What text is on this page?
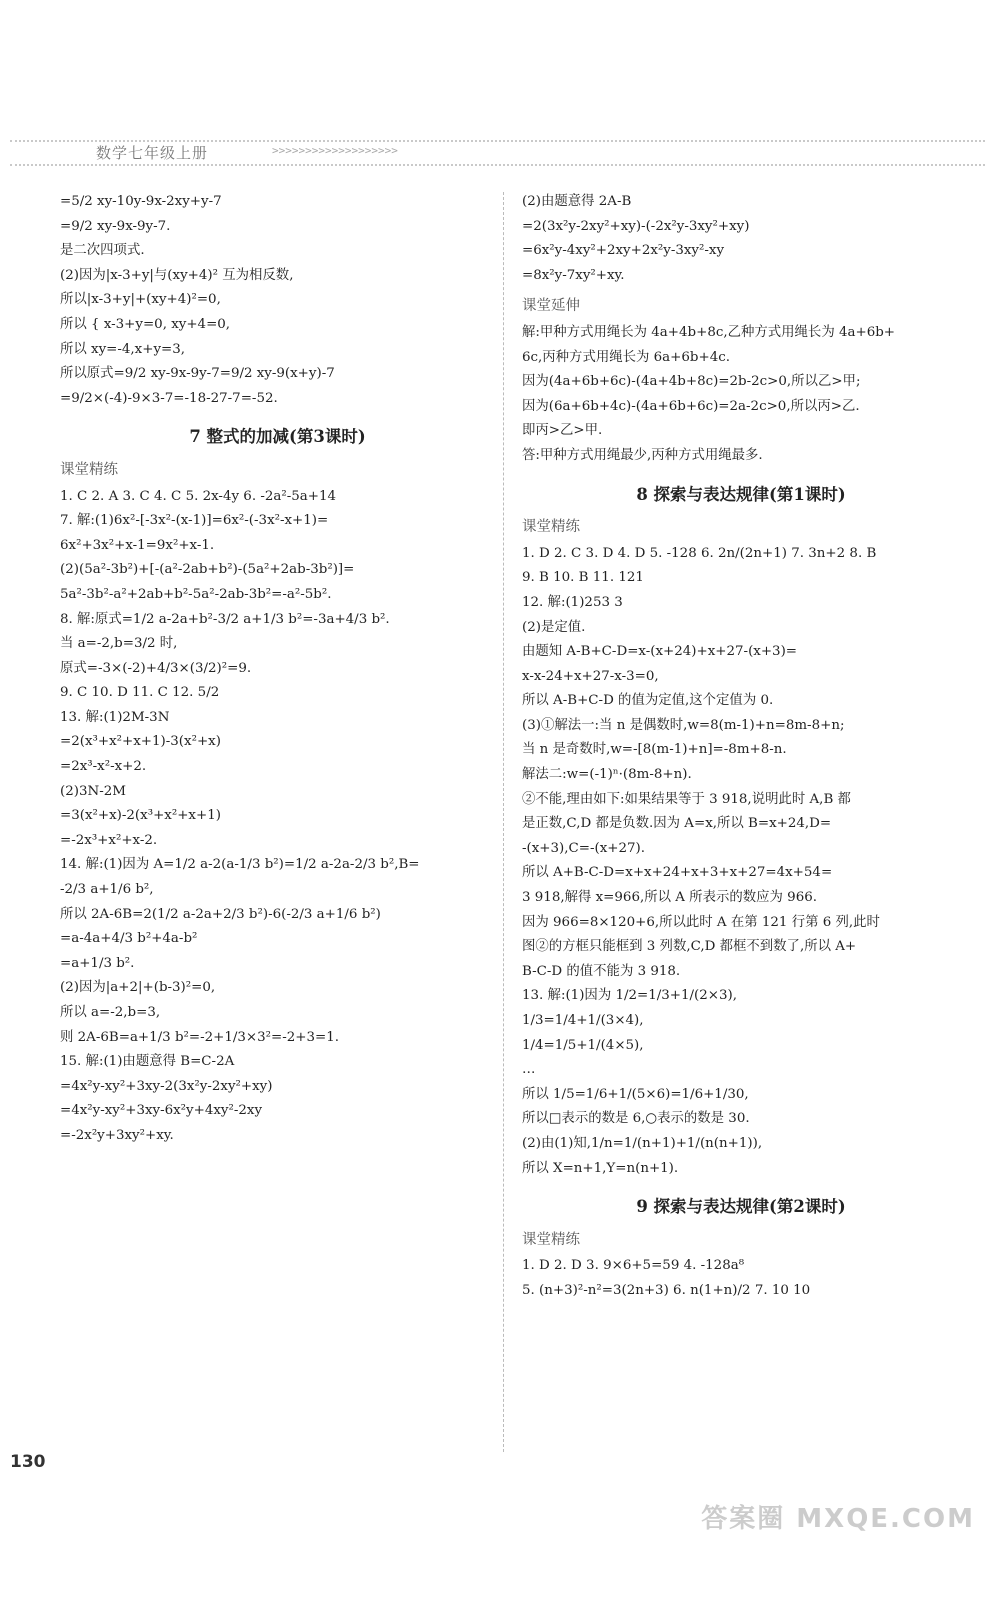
数学七年级上册	>>>>>>>>>>>>>>>>>>>
=5/2 xy-10y-9x-2xy+y-7
=9/2 xy-9x-9y-7.
是二次四项式.
(2)因为|x-3+y|与(xy+4)² 互为相反数,
所以|x-3+y|+(xy+4)²=0,
所以 { x-3+y=0, xy+4=0,
所以 xy=-4,x+y=3,
所以原式=9/2 xy-9x-9y-7=9/2 xy-9(x+y)-7
=9/2×(-4)-9×3-7=-18-27-7=-52.
7 整式的加减(第3课时)
课堂精练
1. C 2. A 3. C 4. C 5. 2x-4y 6. -2a²-5a+14
7. 解:(1)6x²-[-3x²-(x-1)]=6x²-(-3x²-x+1)=
6x²+3x²+x-1=9x²+x-1.
(2)(5a²-3b²)+[-(a²-2ab+b²)-(5a²+2ab-3b²)]=
5a²-3b²-a²+2ab+b²-5a²-2ab-3b²=-a²-5b².
8. 解:原式=1/2 a-2a+b²-3/2 a+1/3 b²=-3a+4/3 b².
当 a=-2,b=3/2 时,
原式=-3×(-2)+4/3×(3/2)²=9.
9. C 10. D 11. C 12. 5/2
13. 解:(1)2M-3N
=2(x³+x²+x+1)-3(x²+x)
=2x³-x²-x+2.
(2)3N-2M
=3(x²+x)-2(x³+x²+x+1)
=-2x³+x²+x-2.
14. 解:(1)因为 A=1/2 a-2(a-1/3 b²)=1/2 a-2a-2/3 b²,B=
-2/3 a+1/6 b²,
所以 2A-6B=2(1/2 a-2a+2/3 b²)-6(-2/3 a+1/6 b²)
=a-4a+4/3 b²+4a-b²
=a+1/3 b².
(2)因为|a+2|+(b-3)²=0,
所以 a=-2,b=3,
则 2A-6B=a+1/3 b²=-2+1/3×3²=-2+3=1.
15. 解:(1)由题意得 B=C-2A
=4x²y-xy²+3xy-2(3x²y-2xy²+xy)
=4x²y-xy²+3xy-6x²y+4xy²-2xy
=-2x²y+3xy²+xy.
(2)由题意得 2A-B
=2(3x²y-2xy²+xy)-(-2x²y-3xy²+xy)
=6x²y-4xy²+2xy+2x²y-3xy²-xy
=8x²y-7xy²+xy.
课堂延伸
解:甲种方式用绳长为 4a+4b+8c,乙种方式用绳长为 4a+6b+
6c,丙种方式用绳长为 6a+6b+4c.
因为(4a+6b+6c)-(4a+4b+8c)=2b-2c>0,所以乙>甲;
因为(6a+6b+4c)-(4a+6b+6c)=2a-2c>0,所以丙>乙.
即丙>乙>甲.
答:甲种方式用绳最少,丙种方式用绳最多.
8 探索与表达规律(第1课时)
课堂精练
1. D 2. C 3. D 4. D 5. -128 6. 2n/(2n+1) 7. 3n+2 8. B
9. B 10. B 11. 121
12. 解:(1)253 3
(2)是定值.
由题知 A-B+C-D=x-(x+24)+x+27-(x+3)=
x-x-24+x+27-x-3=0,
所以 A-B+C-D 的值为定值,这个定值为 0.
(3)①解法一:当 n 是偶数时,w=8(m-1)+n=8m-8+n;
当 n 是奇数时,w=-[8(m-1)+n]=-8m+8-n.
解法二:w=(-1)ⁿ·(8m-8+n).
②不能,理由如下:如果结果等于 3 918,说明此时 A,B 都
是正数,C,D 都是负数.因为 A=x,所以 B=x+24,D=
-(x+3),C=-(x+27).
所以 A+B-C-D=x+x+24+x+3+x+27=4x+54=
3 918,解得 x=966,所以 A 所表示的数应为 966.
因为 966=8×120+6,所以此时 A 在第 121 行第 6 列,此时
图②的方框只能框到 3 列数,C,D 都框不到数了,所以 A+
B-C-D 的值不能为 3 918.
13. 解:(1)因为 1/2=1/3+1/(2×3),
1/3=1/4+1/(3×4),
1/4=1/5+1/(4×5),
…
所以 1/5=1/6+1/(5×6)=1/6+1/30,
所以□表示的数是 6,○表示的数是 30.
(2)由(1)知,1/n=1/(n+1)+1/(n(n+1)),
所以 X=n+1,Y=n(n+1).
9 探索与表达规律(第2课时)
课堂精练
1. D 2. D 3. 9×6+5=59 4. -128a⁸
5. (n+3)²-n²=3(2n+3) 6. n(1+n)/2 7. 10 10
130
答案圈 MXQE.COM
